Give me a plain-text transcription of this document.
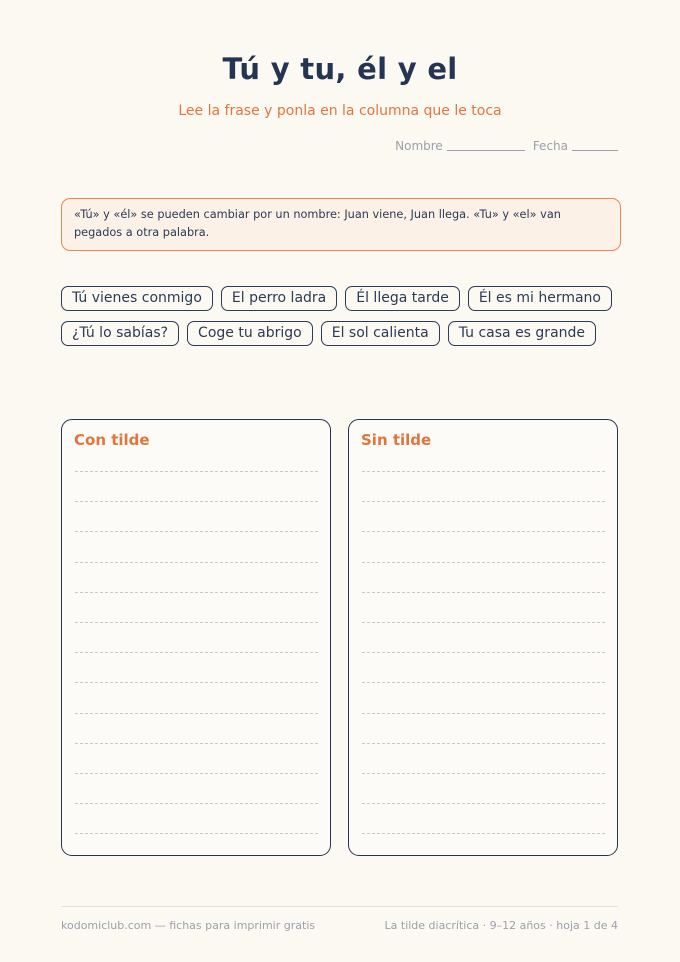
Tú y tu, él y el
Lee la frase y ponla en la columna que le toca
Nombre	Fecha
«Tú» y «él» se pueden cambiar por un nombre: Juan viene, Juan llega. «Tu» y «el» van pegados a otra palabra.
Tú vienes conmigo	El perro ladra	Él llega tarde	Él es mi hermano
¿Tú lo sabías?	Coge tu abrigo	El sol calienta	Tu casa es grande
Con tilde	Sin tilde
kodomiclub.com — fichas para imprimir gratis	La tilde diacrítica · 9–12 años · hoja 1 de 4
